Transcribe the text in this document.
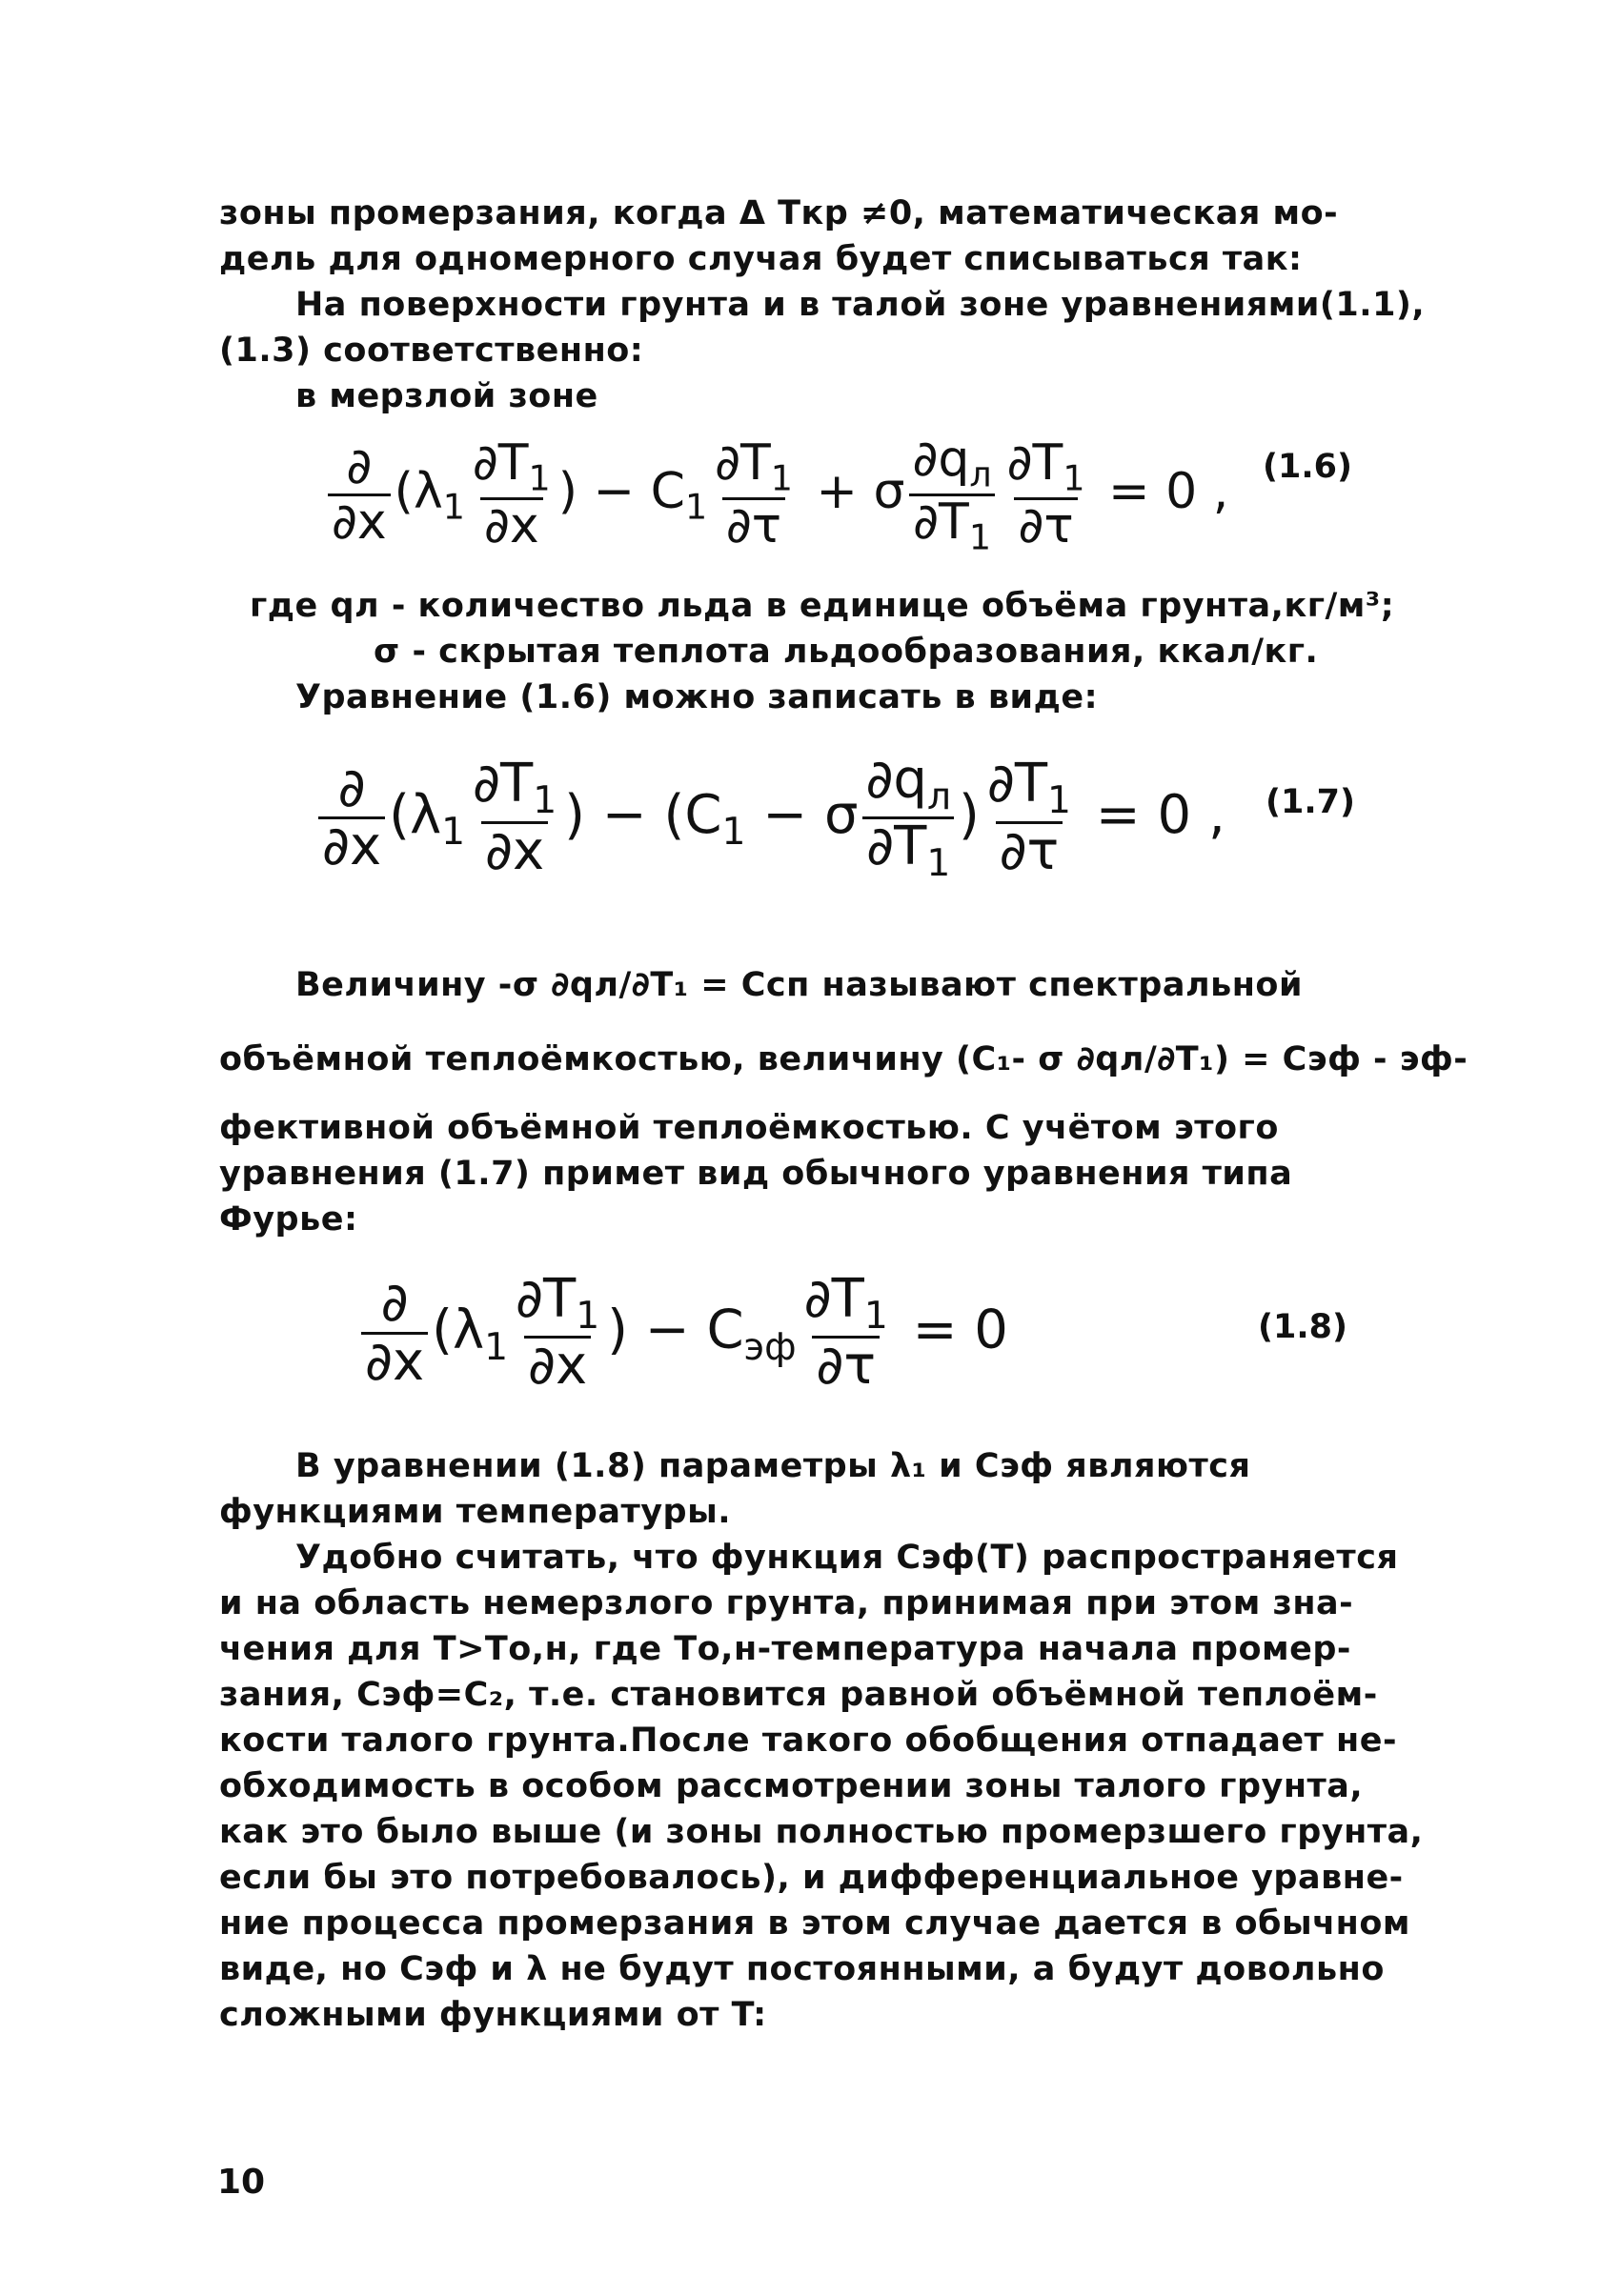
зоны промерзания, когда Δ Tкр ≠0, математическая мо-
дель для одномерного случая будет списываться так:
На поверхности грунта и в талой зоне уравнениями(1.1),
(1.3) соответственно:
в мерзлой зоне
$\frac{\partial}{\partial x} (\lambda_1 \frac{\partial T_1}{\partial x}$ ) − $C_1 \frac{\partial T_1}{\partial\tau} + \sigma \frac{\partial q_л}{\partial T_1} \frac{\partial T_1}{\partial\tau} = 0$ , (1.6)
где qл - количество льда в единице объёма грунта,кг/м³;
σ - скрытая теплота льдообразования, ккал/кг.
Уравнение (1.6) можно записать в виде:
$\frac{\partial}{\partial x} (\lambda_1 \frac{\partial T_1}{\partial x}$ ) − ($C_1 - \sigma \frac{\partial q_л}{\partial T_1}$ ) $\frac{\partial T_1}{\partial\tau} = 0$ , (1.7)
Величину -σ ∂qл/∂T₁ = Cсп называют спектральной
объёмной теплоёмкостью, величину (C₁- σ ∂qл/∂T₁) = Cэф - эф-
фективной объёмной теплоёмкостью. С учётом этого
уравнения (1.7) примет вид обычного уравнения типа
Фурье:
$\frac{\partial}{\partial x} (\lambda_1 \frac{\partial T_1}{\partial x}$ ) − $C_{эф} \frac{\partial T_1}{\partial\tau} = 0$	(1.8)
В уравнении (1.8) параметры λ₁ и Cэф являются
функциями температуры.
Удобно считать, что функция Cэф(T) распространяется
и на область немерзлого грунта, принимая при этом зна-
чения для T>Tо,н, где Tо,н-температура начала промер-
зания, Cэф=C₂, т.е. становится равной объёмной теплоём-
кости талого грунта.После такого обобщения отпадает не-
обходимость в особом рассмотрении зоны талого грунта,
как это было выше (и зоны полностью промерзшего грунта,
если бы это потребовалось), и дифференциальное уравне-
ние процесса промерзания в этом случае дается в обычном
виде, но Cэф и λ не будут постоянными, а будут довольно
сложными функциями от T:
10
